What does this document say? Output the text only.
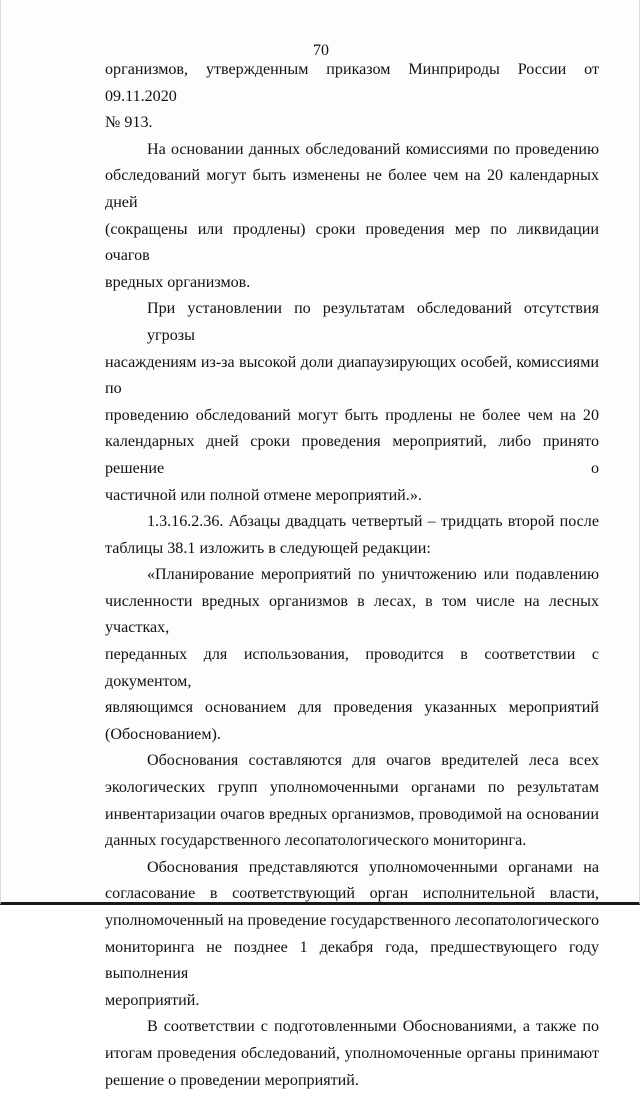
70

организмов, утвержденным приказом Минприроды России от 09.11.2020
№ 913.

На основании данных обследований комиссиями по проведению
обследований могут быть изменены не более чем на 20 календарных дней
(сокращены или продлены) сроки проведения мер по ликвидации очагов
вредных организмов.

При установлении по результатам обследований отсутствия угрозы
насаждениям из-за высокой доли диапаузирующих особей, комиссиями по
проведению обследований могут быть продлены не более чем на 20
календарных дней сроки проведения мероприятий, либо принято решение о
частичной или полной отмене мероприятий.».

1.3.16.2.36. Абзацы двадцать четвертый – тридцать второй после
таблицы 38.1 изложить в следующей редакции:

«Планирование мероприятий по уничтожению или подавлению
численности вредных организмов в лесах, в том числе на лесных участках,
переданных для использования, проводится в соответствии с документом,
являющимся основанием для проведения указанных мероприятий
(Обоснованием).

Обоснования составляются для очагов вредителей леса всех
экологических групп уполномоченными органами по результатам
инвентаризации очагов вредных организмов, проводимой на основании
данных государственного лесопатологического мониторинга.

Обоснования представляются уполномоченными органами на
согласование в соответствующий орган исполнительной власти,
уполномоченный на проведение государственного лесопатологического
мониторинга не позднее 1 декабря года, предшествующего году выполнения
мероприятий.

В соответствии с подготовленными Обоснованиями, а также по
итогам проведения обследований, уполномоченные органы принимают
решение о проведении мероприятий.
